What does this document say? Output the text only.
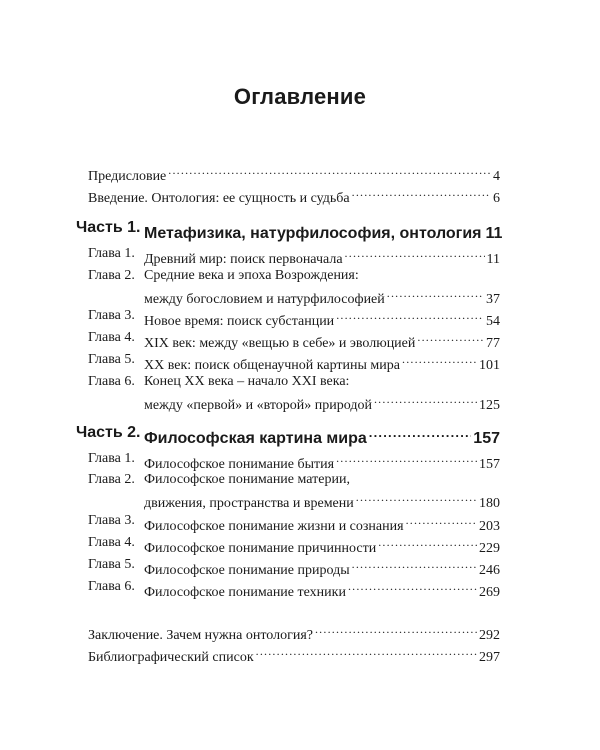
Оглавление
Предисловие .....	4
Введение. Онтология: ее сущность и судьба .....	6
Часть 1. Метафизика, натурфилософия, онтология 11
Глава 1. Древний мир: поиск первоначала .....	11
Глава 2. Средние века и эпоха Возрождения:
между богословием и натурфилософией .....	37
Глава 3. Новое время: поиск субстанции .....	54
Глава 4. XIX век: между «вещью в себе» и эволюцией .....	77
Глава 5. XX век: поиск общенаучной картины мира .....	101
Глава 6. Конец XX века – начало XXI века:
между «первой» и «второй» природой .....	125
Часть 2. Философская картина мира .....	157
Глава 1. Философское понимание бытия .....	157
Глава 2. Философское понимание материи,
движения, пространства и времени .....	180
Глава 3. Философское понимание жизни и сознания .....	203
Глава 4. Философское понимание причинности .....	229
Глава 5. Философское понимание природы .....	246
Глава 6. Философское понимание техники .....	269
Заключение. Зачем нужна онтология? .....	292
Библиографический список .....	297
